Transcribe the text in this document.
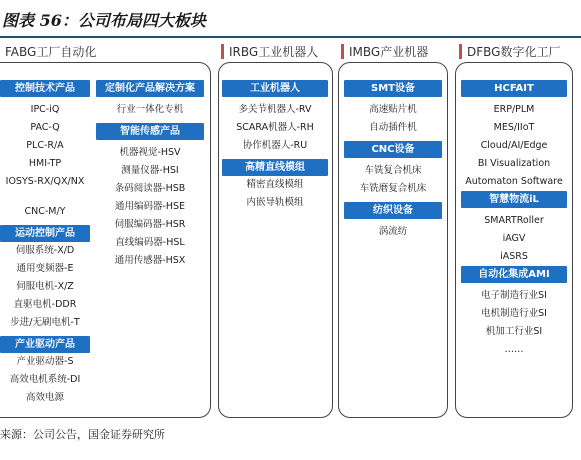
图表 56：公司布局四大板块
FABG工厂自动化	IRBG工业机器人	IMBG产业机器	DFBG数字化工厂
控制技术产品
IPC-iQ
PAC-Q
PLC-R/A
HMI-TP
IOSYS-RX/QX/NX
CNC-M/Y
运动控制产品
伺服系统-X/D
通用变频器-E
伺服电机-X/Z
直驱电机-DDR
步进/无刷电机-T
产业驱动产品
产业驱动器-S
高效电机系统-DI
高效电源
定制化产品解决方案
行业一体化专机
智能传感产品
机器视觉-HSV
测量仪器-HSI
条码阅读器-HSB
通用编码器-HSE
伺服编码器-HSR
直线编码器-HSL
通用传感器-HSX
工业机器人
多关节机器人-RV
SCARA机器人-RH
协作机器人-RU
高精直线模组
精密直线模组
内嵌导轨模组
SMT设备
高速贴片机
自动插件机
CNC设备
车铣复合机床
车铣磨复合机床
纺织设备
涡流纺
HCFAIT
ERP/PLM
MES/IIoT
Cloud/AI/Edge
BI Visualization
Automaton Software
智慧物流iL
SMARTRoller
iAGV
iASRS
自动化集成AMI
电子制造行业SI
电机制造行业SI
机加工行业SI
……
来源：公司公告，国金证券研究所
